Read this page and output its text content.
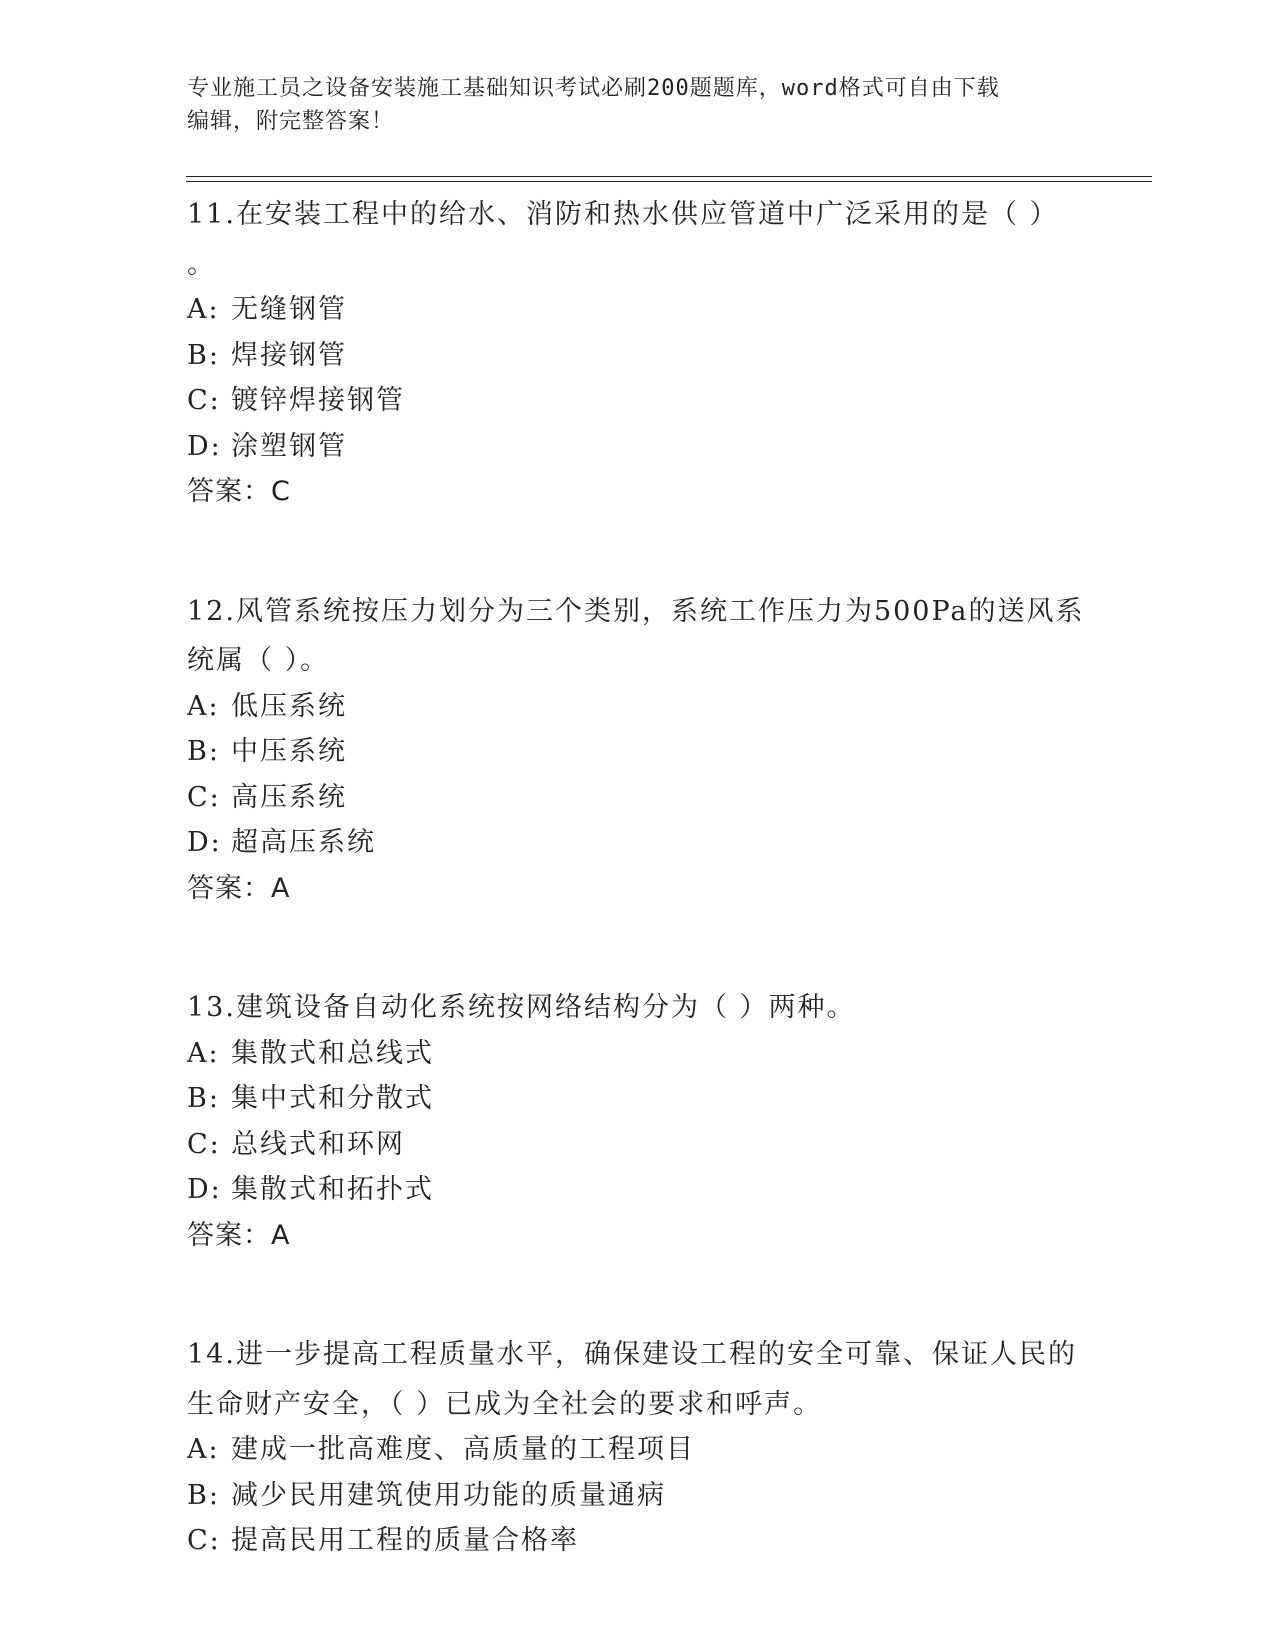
专业施工员之设备安装施工基础知识考试必刷200题题库，word格式可自由下载
编辑，附完整答案！
11.在安装工程中的给水、消防和热水供应管道中广泛采用的是（ ）
。
A: 无缝钢管
B: 焊接钢管
C: 镀锌焊接钢管
D: 涂塑钢管
答案：C
12.风管系统按压力划分为三个类别，系统工作压力为500Pa的送风系
统属（ ）。
A: 低压系统
B: 中压系统
C: 高压系统
D: 超高压系统
答案：A
13.建筑设备自动化系统按网络结构分为（ ）两种。
A: 集散式和总线式
B: 集中式和分散式
C: 总线式和环网
D: 集散式和拓扑式
答案：A
14.进一步提高工程质量水平，确保建设工程的安全可靠、保证人民的
生命财产安全，（ ）已成为全社会的要求和呼声。
A: 建成一批高难度、高质量的工程项目
B: 减少民用建筑使用功能的质量通病
C: 提高民用工程的质量合格率
